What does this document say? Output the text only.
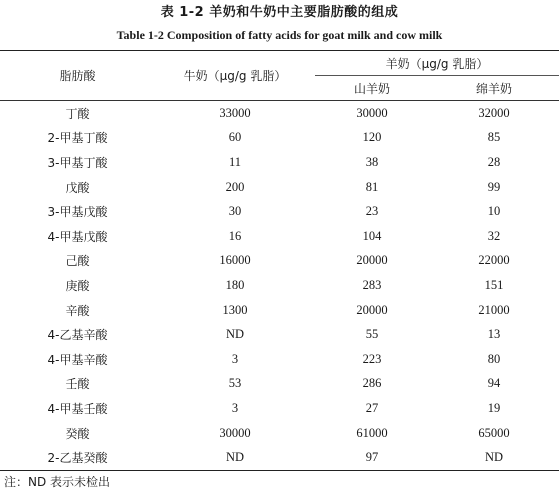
表 1-2 羊奶和牛奶中主要脂肪酸的组成
Table 1-2 Composition of fatty acids for goat milk and cow milk
脂肪酸	牛奶（μg/g 乳脂）	羊奶（μg/g 乳脂）	
		山羊奶	绵羊奶
丁酸	33000	30000	32000
2-甲基丁酸	60	120	85
3-甲基丁酸	11	38	28
戊酸	200	81	99
3-甲基戊酸	30	23	10
4-甲基戊酸	16	104	32
己酸	16000	20000	22000
庚酸	180	283	151
辛酸	1300	20000	21000
4-乙基辛酸	ND	55	13
4-甲基辛酸	3	223	80
壬酸	53	286	94
4-甲基壬酸	3	27	19
癸酸	30000	61000	65000
2-乙基癸酸	ND	97	ND
注：ND 表示未检出
